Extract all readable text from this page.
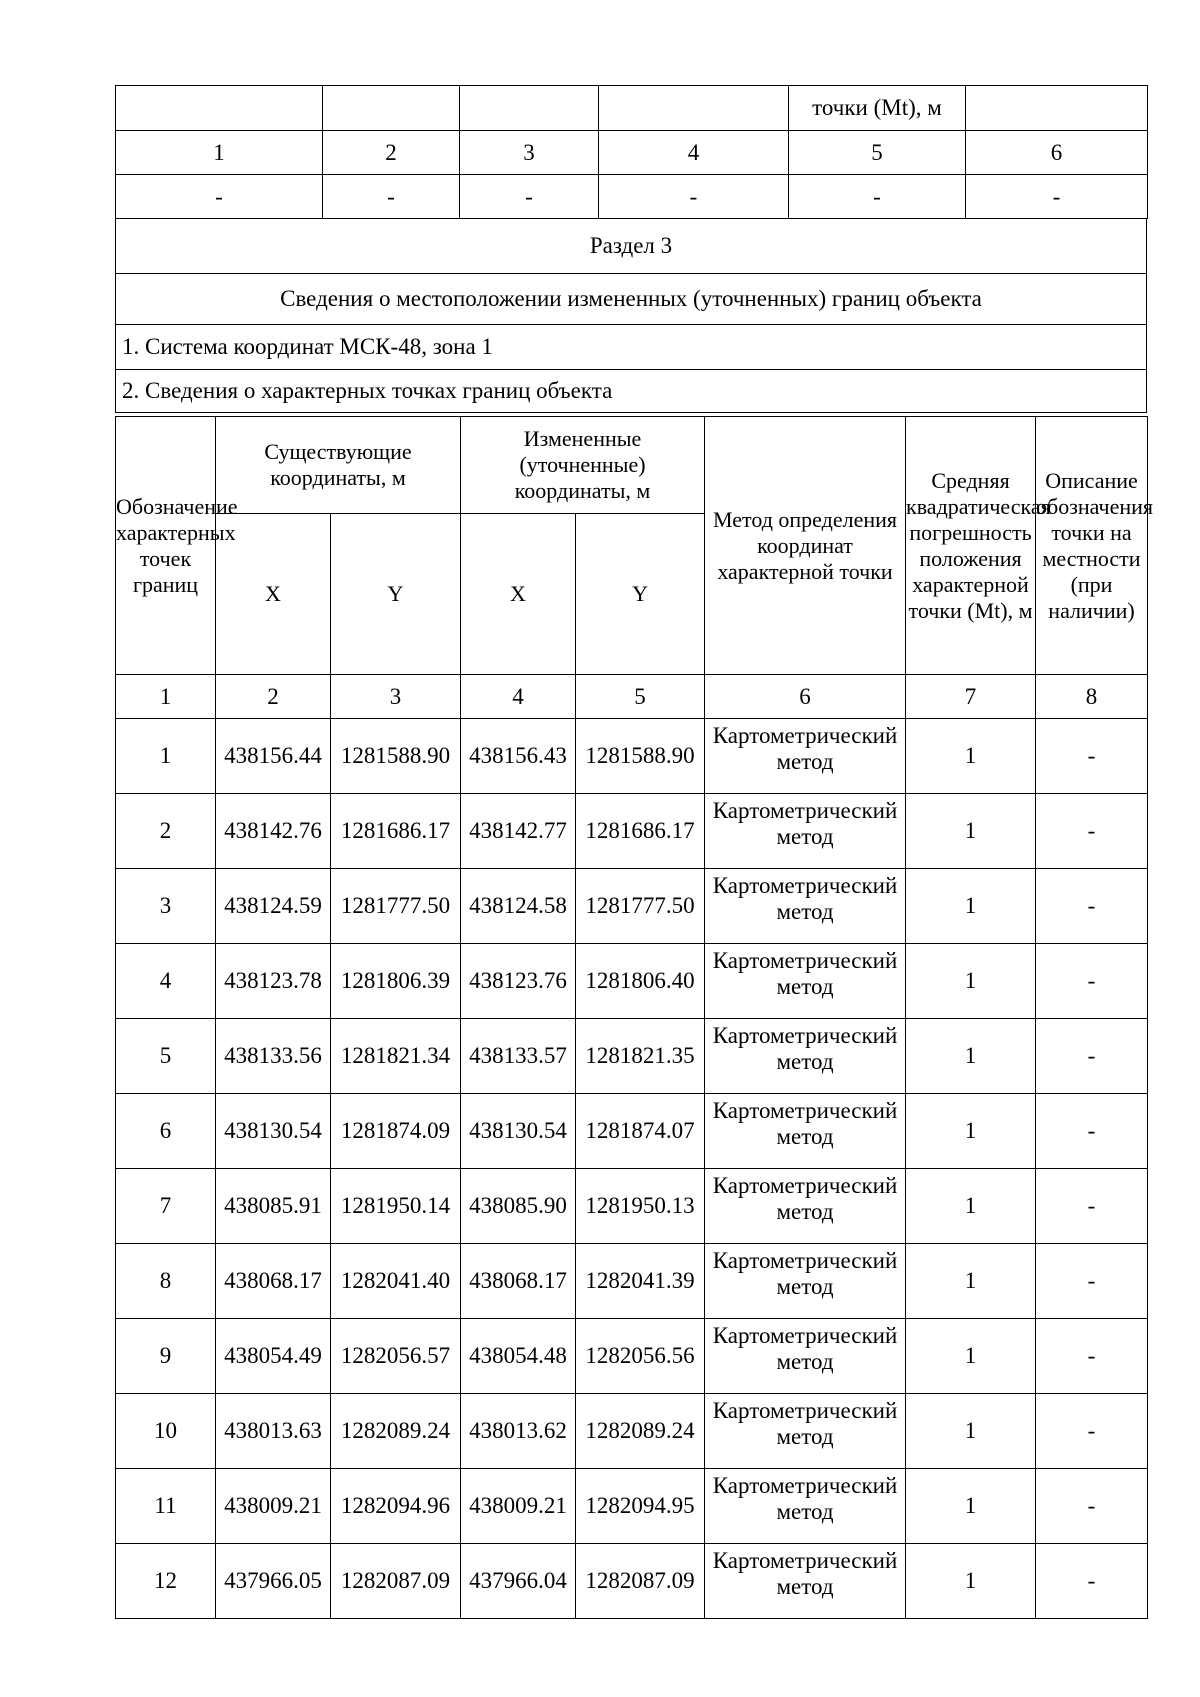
				точки (Mt), м	
1	2	3	4	5	6
-	-	-	-	-	-
Раздел 3
Сведения о местоположении измененных (уточненных) границ объекта
1. Система координат МСК-48, зона 1
2. Сведения о характерных точках границ объекта
Обозначение характерных точек границ	Существующие координаты, м		Измененные (уточненные) координаты, м		Метод определения координат характерной точки	Средняя квадратическая погрешность положения характерной точки (Mt), м	Описание обозначения точки на местности (при наличии)
	X	Y	X	Y			
1	2	3	4	5	6	7	8
1	438156.44	1281588.90	438156.43	1281588.90	Картометрический метод	1	-
2	438142.76	1281686.17	438142.77	1281686.17	Картометрический метод	1	-
3	438124.59	1281777.50	438124.58	1281777.50	Картометрический метод	1	-
4	438123.78	1281806.39	438123.76	1281806.40	Картометрический метод	1	-
5	438133.56	1281821.34	438133.57	1281821.35	Картометрический метод	1	-
6	438130.54	1281874.09	438130.54	1281874.07	Картометрический метод	1	-
7	438085.91	1281950.14	438085.90	1281950.13	Картометрический метод	1	-
8	438068.17	1282041.40	438068.17	1282041.39	Картометрический метод	1	-
9	438054.49	1282056.57	438054.48	1282056.56	Картометрический метод	1	-
10	438013.63	1282089.24	438013.62	1282089.24	Картометрический метод	1	-
11	438009.21	1282094.96	438009.21	1282094.95	Картометрический метод	1	-
12	437966.05	1282087.09	437966.04	1282087.09	Картометрический метод	1	-
